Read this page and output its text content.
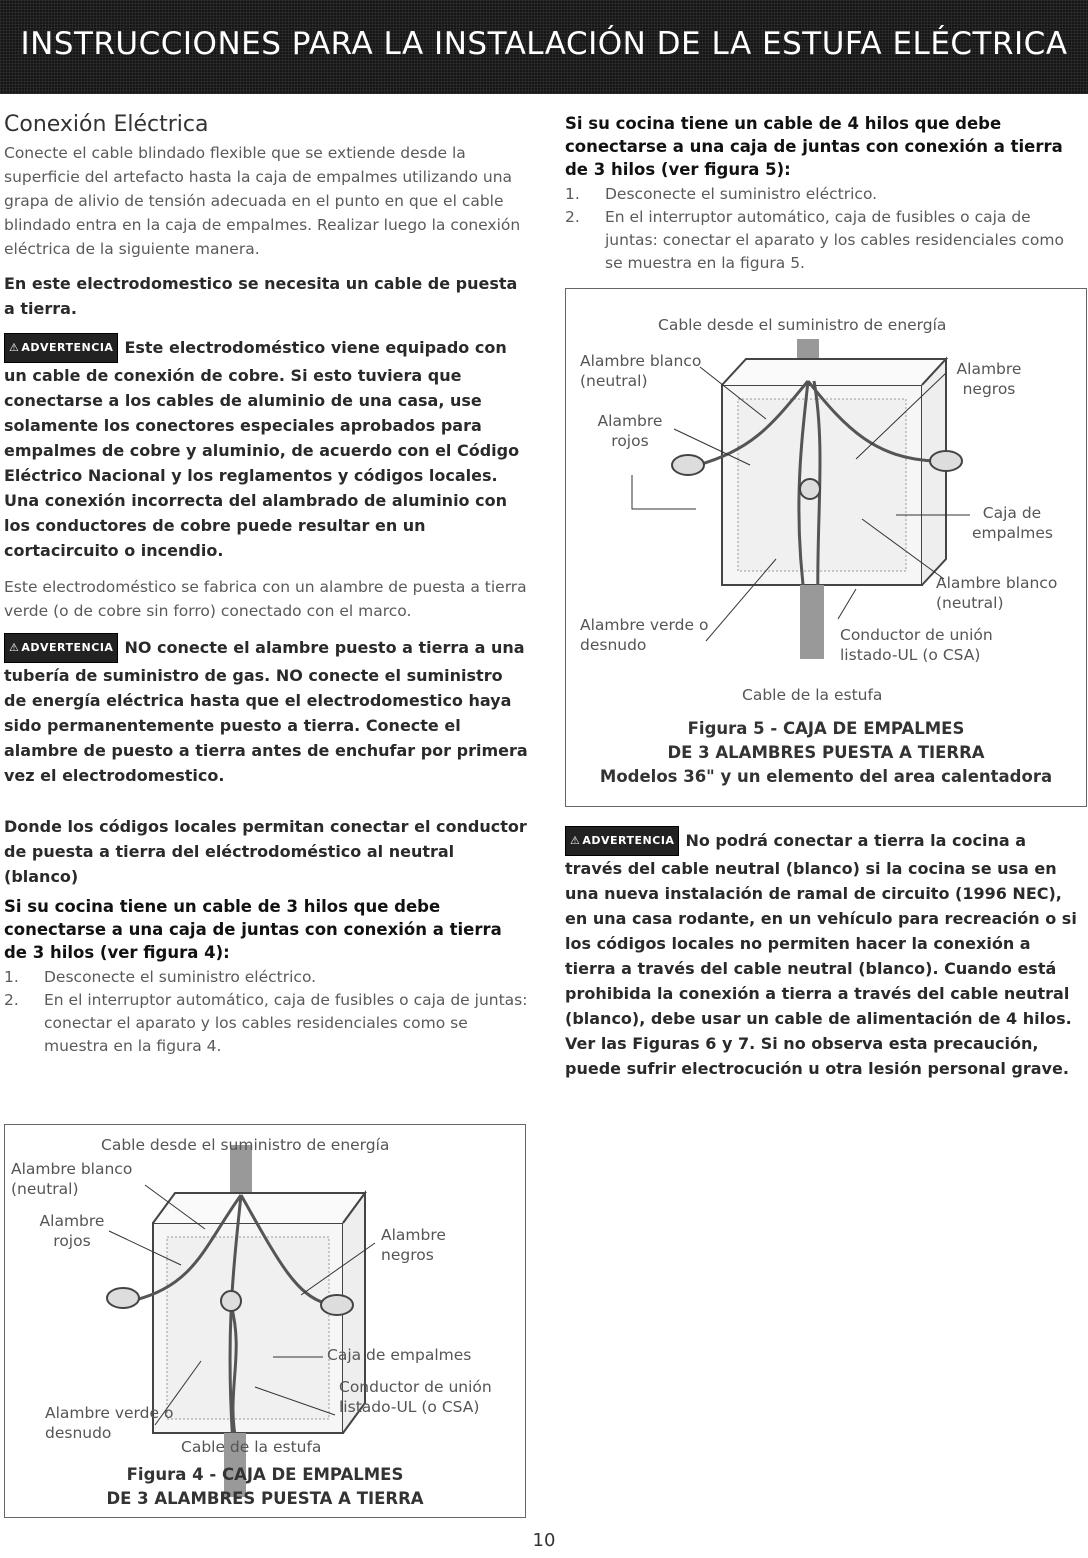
INSTRUCCIONES PARA LA INSTALACIÓN DE LA ESTUFA ELÉCTRICA
Conexión Eléctrica

Conecte el cable blindado flexible que se extiende desde la superficie del artefacto hasta la caja de empalmes utilizando una grapa de alivio de tensión adecuada en el punto en que el cable blindado entra en la caja de empalmes. Realizar luego la conexión eléctrica de la siguiente manera.

En este electrodomestico se necesita un cable de puesta a tierra.

⚠ ADVERTENCIA Este electrodoméstico viene equipado con un cable de conexión de cobre. Si esto tuviera que conectarse a los cables de aluminio de una casa, use solamente los conectores especiales aprobados para empalmes de cobre y aluminio, de acuerdo con el Código Eléctrico Nacional y los reglamentos y códigos locales. Una conexión incorrecta del alambrado de aluminio con los conductores de cobre puede resultar en un cortacircuito o incendio.

Este electrodoméstico se fabrica con un alambre de puesta a tierra verde (o de cobre sin forro) conectado con el marco.

⚠ ADVERTENCIA NO conecte el alambre puesto a tierra a una tubería de suministro de gas. NO conecte el suministro de energía eléctrica hasta que el electrodomestico haya sido permanentemente puesto a tierra. Conecte el alambre de puesto a tierra antes de enchufar por primera vez el electrodomestico.

Donde los códigos locales permitan conectar el conductor de puesta a tierra del eléctrodoméstico al neutral (blanco)

Si su cocina tiene un cable de 3 hilos que debe conectarse a una caja de juntas con conexión a tierra de 3 hilos (ver figura 4):

1. Desconecte el suministro eléctrico.
2. En el interruptor automático, caja de fusibles o caja de juntas: conectar el aparato y los cables residenciales como se muestra en la figura 4.
Cable desde el suministro de energía
Alambre blanco (neutral)
Alambre rojos	Alambre negros
Caja de empalmes
Conductor de unión listado-UL (o CSA)
Alambre verde o desnudo
Cable de la estufa
Figura 4 - CAJA DE EMPALMES
DE 3 ALAMBRES PUESTA A TIERRA

Si su cocina tiene un cable de 4 hilos que debe conectarse a una caja de juntas con conexión a tierra de 3 hilos (ver figura 5):

1. Desconecte el suministro eléctrico.
2. En el interruptor automático, caja de fusibles o caja de juntas: conectar el aparato y los cables residenciales como se muestra en la figura 5.
Cable desde el suministro de energía
Alambre blanco (neutral)
Alambre rojos
Alambre negros
Caja de empalmes
Alambre blanco (neutral)
Alambre verde o desnudo
Conductor de unión listado-UL (o CSA)
Cable de la estufa
Figura 5 - CAJA DE EMPALMES
DE 3 ALAMBRES PUESTA A TIERRA
Modelos 36" y un elemento del area calentadora

⚠ ADVERTENCIA No podrá conectar a tierra la cocina a través del cable neutral (blanco) si la cocina se usa en una nueva instalación de ramal de circuito (1996 NEC), en una casa rodante, en un vehículo para recreación o si los códigos locales no permiten hacer la conexión a tierra a través del cable neutral (blanco). Cuando está prohibida la conexión a tierra a través del cable neutral (blanco), debe usar un cable de alimentación de 4 hilos. Ver las Figuras 6 y 7. Si no observa esta precaución, puede sufrir electrocución u otra lesión personal grave.

10
